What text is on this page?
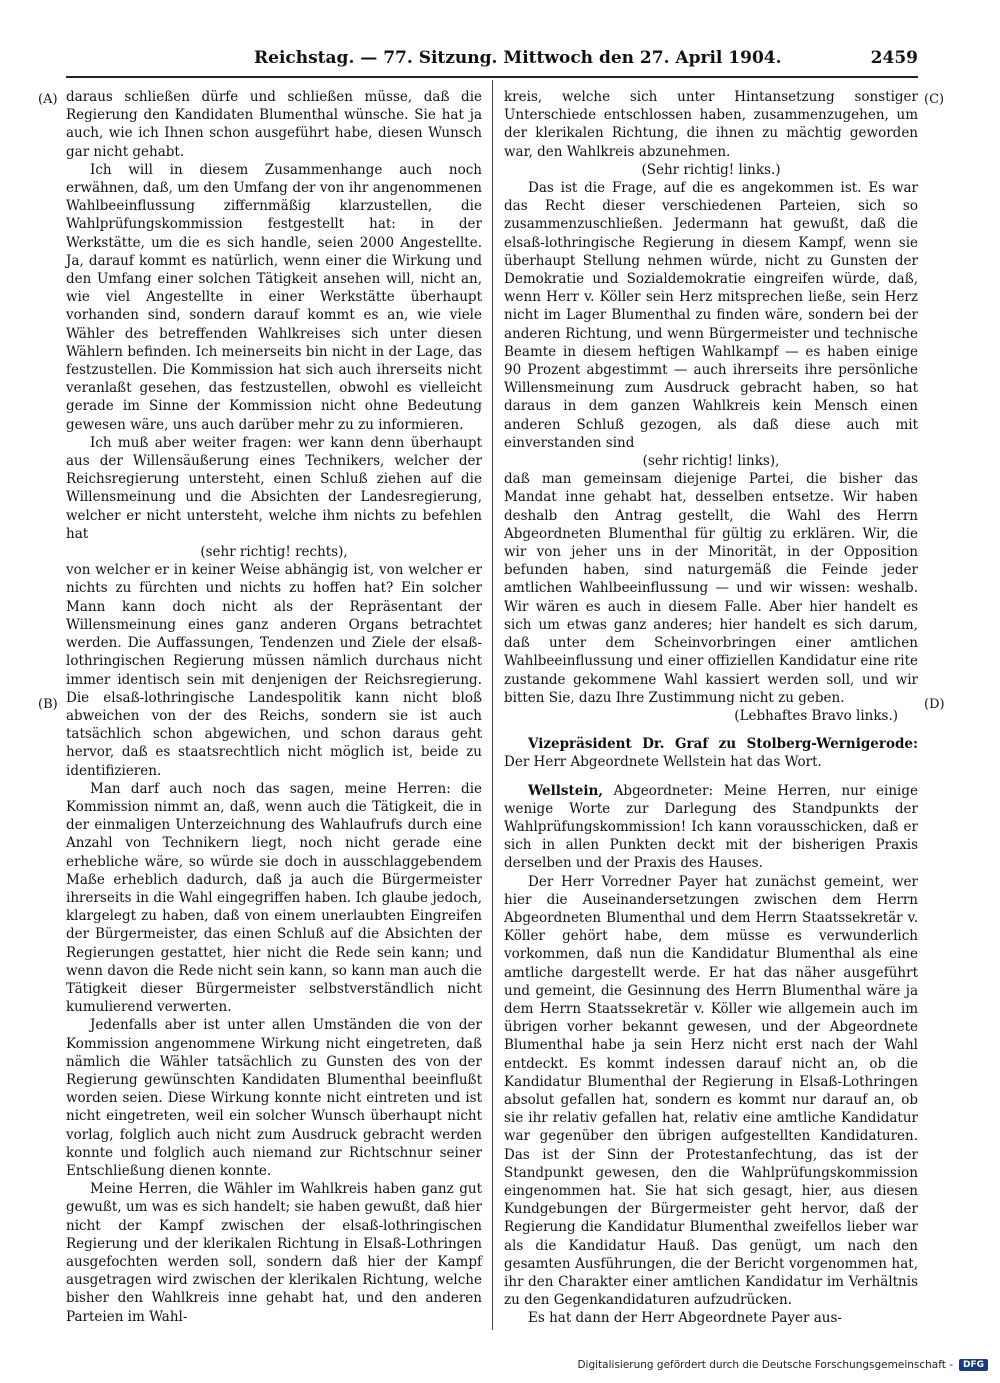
Reichstag. — 77. Sitzung. Mittwoch den 27. April 1904.	2459
(A)
(B)
(C)
(D)

daraus schließen dürfe und schließen müsse, daß die Regierung den Kandidaten Blumenthal wünsche. Sie hat ja auch, wie ich Ihnen schon ausgeführt habe, diesen Wunsch gar nicht gehabt.

Ich will in diesem Zusammenhange auch noch erwähnen, daß, um den Umfang der von ihr angenommenen Wahlbeeinflussung ziffernmäßig klarzustellen, die Wahlprüfungskommission festgestellt hat: in der Werkstätte, um die es sich handle, seien 2000 Angestellte. Ja, darauf kommt es natürlich, wenn einer die Wirkung und den Umfang einer solchen Tätigkeit ansehen will, nicht an, wie viel Angestellte in einer Werkstätte überhaupt vorhanden sind, sondern darauf kommt es an, wie viele Wähler des betreffenden Wahlkreises sich unter diesen Wählern befinden. Ich meinerseits bin nicht in der Lage, das festzustellen. Die Kommission hat sich auch ihrerseits nicht veranlaßt gesehen, das festzustellen, obwohl es vielleicht gerade im Sinne der Kommission nicht ohne Bedeutung gewesen wäre, uns auch darüber mehr zu zu informieren.

Ich muß aber weiter fragen: wer kann denn überhaupt aus der Willensäußerung eines Technikers, welcher der Reichsregierung untersteht, einen Schluß ziehen auf die Willensmeinung und die Absichten der Landesregierung, welcher er nicht untersteht, welche ihm nichts zu befehlen hat

(sehr richtig! rechts),

von welcher er in keiner Weise abhängig ist, von welcher er nichts zu fürchten und nichts zu hoffen hat? Ein solcher Mann kann doch nicht als der Repräsentant der Willensmeinung eines ganz anderen Organs betrachtet werden. Die Auffassungen, Tendenzen und Ziele der elsaß-lothringischen Regierung müssen nämlich durchaus nicht immer identisch sein mit denjenigen der Reichsregierung. Die elsaß-lothringische Landespolitik kann nicht bloß abweichen von der des Reichs, sondern sie ist auch tatsächlich schon abgewichen, und schon daraus geht hervor, daß es staatsrechtlich nicht möglich ist, beide zu identifizieren.

Man darf auch noch das sagen, meine Herren: die Kommission nimmt an, daß, wenn auch die Tätigkeit, die in der einmaligen Unterzeichnung des Wahlaufrufs durch eine Anzahl von Technikern liegt, noch nicht gerade eine erhebliche wäre, so würde sie doch in ausschlaggebendem Maße erheblich dadurch, daß ja auch die Bürgermeister ihrerseits in die Wahl eingegriffen haben. Ich glaube jedoch, klargelegt zu haben, daß von einem unerlaubten Eingreifen der Bürgermeister, das einen Schluß auf die Absichten der Regierungen gestattet, hier nicht die Rede sein kann; und wenn davon die Rede nicht sein kann, so kann man auch die Tätigkeit dieser Bürgermeister selbstverständlich nicht kumulierend verwerten.

Jedenfalls aber ist unter allen Umständen die von der Kommission angenommene Wirkung nicht eingetreten, daß nämlich die Wähler tatsächlich zu Gunsten des von der Regierung gewünschten Kandidaten Blumenthal beeinflußt worden seien. Diese Wirkung konnte nicht eintreten und ist nicht eingetreten, weil ein solcher Wunsch überhaupt nicht vorlag, folglich auch nicht zum Ausdruck gebracht werden konnte und folglich auch niemand zur Richtschnur seiner Entschließung dienen konnte.

Meine Herren, die Wähler im Wahlkreis haben ganz gut gewußt, um was es sich handelt; sie haben gewußt, daß hier nicht der Kampf zwischen der elsaß-lothringischen Regierung und der klerikalen Richtung in Elsaß-Lothringen ausgefochten werden soll, sondern daß hier der Kampf ausgetragen wird zwischen der klerikalen Richtung, welche bisher den Wahlkreis inne gehabt hat, und den anderen Parteien im Wahl-

kreis, welche sich unter Hintansetzung sonstiger Unterschiede entschlossen haben, zusammenzugehen, um der klerikalen Richtung, die ihnen zu mächtig geworden war, den Wahlkreis abzunehmen.

(Sehr richtig! links.)

Das ist die Frage, auf die es angekommen ist. Es war das Recht dieser verschiedenen Parteien, sich so zusammenzuschließen. Jedermann hat gewußt, daß die elsaß-lothringische Regierung in diesem Kampf, wenn sie überhaupt Stellung nehmen würde, nicht zu Gunsten der Demokratie und Sozialdemokratie eingreifen würde, daß, wenn Herr v. Köller sein Herz mitsprechen ließe, sein Herz nicht im Lager Blumenthal zu finden wäre, sondern bei der anderen Richtung, und wenn Bürgermeister und technische Beamte in diesem heftigen Wahlkampf — es haben einige 90 Prozent abgestimmt — auch ihrerseits ihre persönliche Willensmeinung zum Ausdruck gebracht haben, so hat daraus in dem ganzen Wahlkreis kein Mensch einen anderen Schluß gezogen, als daß diese auch mit einverstanden sind

(sehr richtig! links),

daß man gemeinsam diejenige Partei, die bisher das Mandat inne gehabt hat, desselben entsetze. Wir haben deshalb den Antrag gestellt, die Wahl des Herrn Abgeordneten Blumenthal für gültig zu erklären. Wir, die wir von jeher uns in der Minorität, in der Opposition befunden haben, sind naturgemäß die Feinde jeder amtlichen Wahlbeeinflussung — und wir wissen: weshalb. Wir wären es auch in diesem Falle. Aber hier handelt es sich um etwas ganz anderes; hier handelt es sich darum, daß unter dem Scheinvorbringen einer amtlichen Wahlbeeinflussung und einer offiziellen Kandidatur eine rite zustande gekommene Wahl kassiert werden soll, und wir bitten Sie, dazu Ihre Zustimmung nicht zu geben.

(Lebhaftes Bravo links.)

Vizepräsident Dr. Graf zu Stolberg-Wernigerode: Der Herr Abgeordnete Wellstein hat das Wort.

Wellstein, Abgeordneter: Meine Herren, nur einige wenige Worte zur Darlegung des Standpunkts der Wahlprüfungskommission! Ich kann vorausschicken, daß er sich in allen Punkten deckt mit der bisherigen Praxis derselben und der Praxis des Hauses.

Der Herr Vorredner Payer hat zunächst gemeint, wer hier die Auseinandersetzungen zwischen dem Herrn Abgeordneten Blumenthal und dem Herrn Staatssekretär v. Köller gehört habe, dem müsse es verwunderlich vorkommen, daß nun die Kandidatur Blumenthal als eine amtliche dargestellt werde. Er hat das näher ausgeführt und gemeint, die Gesinnung des Herrn Blumenthal wäre ja dem Herrn Staatssekretär v. Köller wie allgemein auch im übrigen vorher bekannt gewesen, und der Abgeordnete Blumenthal habe ja sein Herz nicht erst nach der Wahl entdeckt. Es kommt indessen darauf nicht an, ob die Kandidatur Blumenthal der Regierung in Elsaß-Lothringen absolut gefallen hat, sondern es kommt nur darauf an, ob sie ihr relativ gefallen hat, relativ eine amtliche Kandidatur war gegenüber den übrigen aufgestellten Kandidaturen. Das ist der Sinn der Protestanfechtung, das ist der Standpunkt gewesen, den die Wahlprüfungskommission eingenommen hat. Sie hat sich gesagt, hier, aus diesen Kundgebungen der Bürgermeister geht hervor, daß der Regierung die Kandidatur Blumenthal zweifellos lieber war als die Kandidatur Hauß. Das genügt, um nach den gesamten Ausführungen, die der Bericht vorgenommen hat, ihr den Charakter einer amtlichen Kandidatur im Verhältnis zu den Gegenkandidaturen aufzudrücken.

Es hat dann der Herr Abgeordnete Payer aus-

Digitalisierung gefördert durch die Deutsche Forschungsgemeinschaft -	DFG
